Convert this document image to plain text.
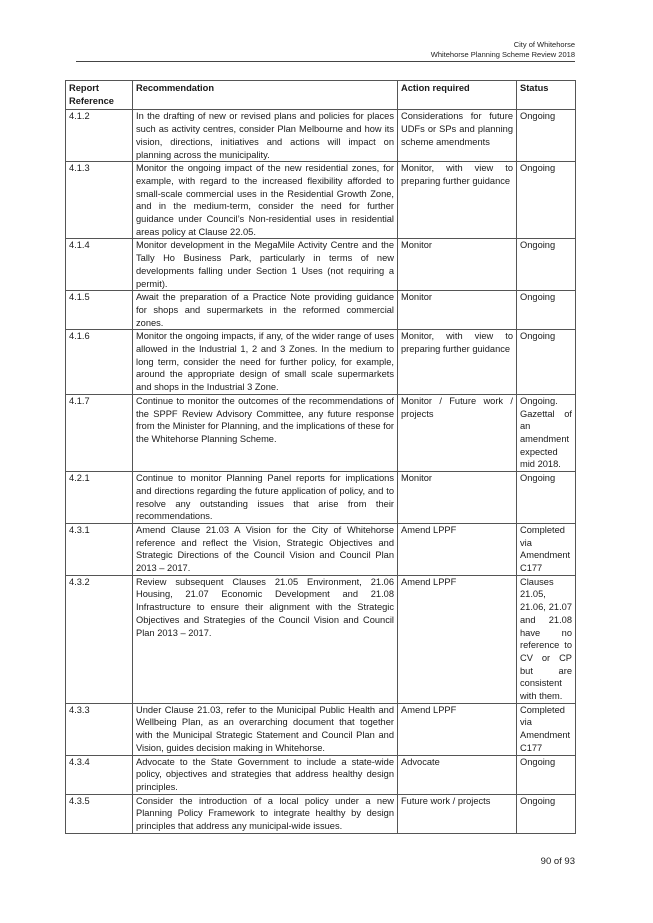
City of Whitehorse
Whitehorse Planning Scheme Review 2018
Report Reference	Recommendation	Action required	Status
4.1.2	In the drafting of new or revised plans and policies for places such as activity centres, consider Plan Melbourne and how its vision, directions, initiatives and actions will impact on planning across the municipality.	Considerations for future UDFs or SPs and planning scheme amendments	Ongoing
4.1.3	Monitor the ongoing impact of the new residential zones, for example, with regard to the increased flexibility afforded to small-scale commercial uses in the Residential Growth Zone, and in the medium-term, consider the need for further guidance under Council’s Non-residential uses in residential areas policy at Clause 22.05.	Monitor, with view to preparing further guidance	Ongoing
4.1.4	Monitor development in the MegaMile Activity Centre and the Tally Ho Business Park, particularly in terms of new developments falling under Section 1 Uses (not requiring a permit).	Monitor	Ongoing
4.1.5	Await the preparation of a Practice Note providing guidance for shops and supermarkets in the reformed commercial zones.	Monitor	Ongoing
4.1.6	Monitor the ongoing impacts, if any, of the wider range of uses allowed in the Industrial 1, 2 and 3 Zones. In the medium to long term, consider the need for further policy, for example, around the appropriate design of small scale supermarkets and shops in the Industrial 3 Zone.	Monitor, with view to preparing further guidance	Ongoing
4.1.7	Continue to monitor the outcomes of the recommendations of the SPPF Review Advisory Committee, any future response from the Minister for Planning, and the implications of these for the Whitehorse Planning Scheme.	Monitor / Future work / projects	Ongoing. Gazettal of an amendment expected mid 2018.
4.2.1	Continue to monitor Planning Panel reports for implications and directions regarding the future application of policy, and to resolve any outstanding issues that arise from their recommendations.	Monitor	Ongoing
4.3.1	Amend Clause 21.03 A Vision for the City of Whitehorse reference and reflect the Vision, Strategic Objectives and Strategic Directions of the Council Vision and Council Plan 2013 – 2017.	Amend LPPF	Completed via Amendment C177
4.3.2	Review subsequent Clauses 21.05 Environment, 21.06 Housing, 21.07 Economic Development and 21.08 Infrastructure to ensure their alignment with the Strategic Objectives and Strategies of the Council Vision and Council Plan 2013 – 2017.	Amend LPPF	Clauses 21.05, 21.06, 21.07 and 21.08 have no reference to CV or CP but are consistent with them.
4.3.3	Under Clause 21.03, refer to the Municipal Public Health and Wellbeing Plan, as an overarching document that together with the Municipal Strategic Statement and Council Plan and Vision, guides decision making in Whitehorse.	Amend LPPF	Completed via Amendment C177
4.3.4	Advocate to the State Government to include a state-wide policy, objectives and strategies that address healthy design principles.	Advocate	Ongoing
4.3.5	Consider the introduction of a local policy under a new Planning Policy Framework to integrate healthy by design principles that address any municipal-wide issues.	Future work / projects	Ongoing
90 of 93
